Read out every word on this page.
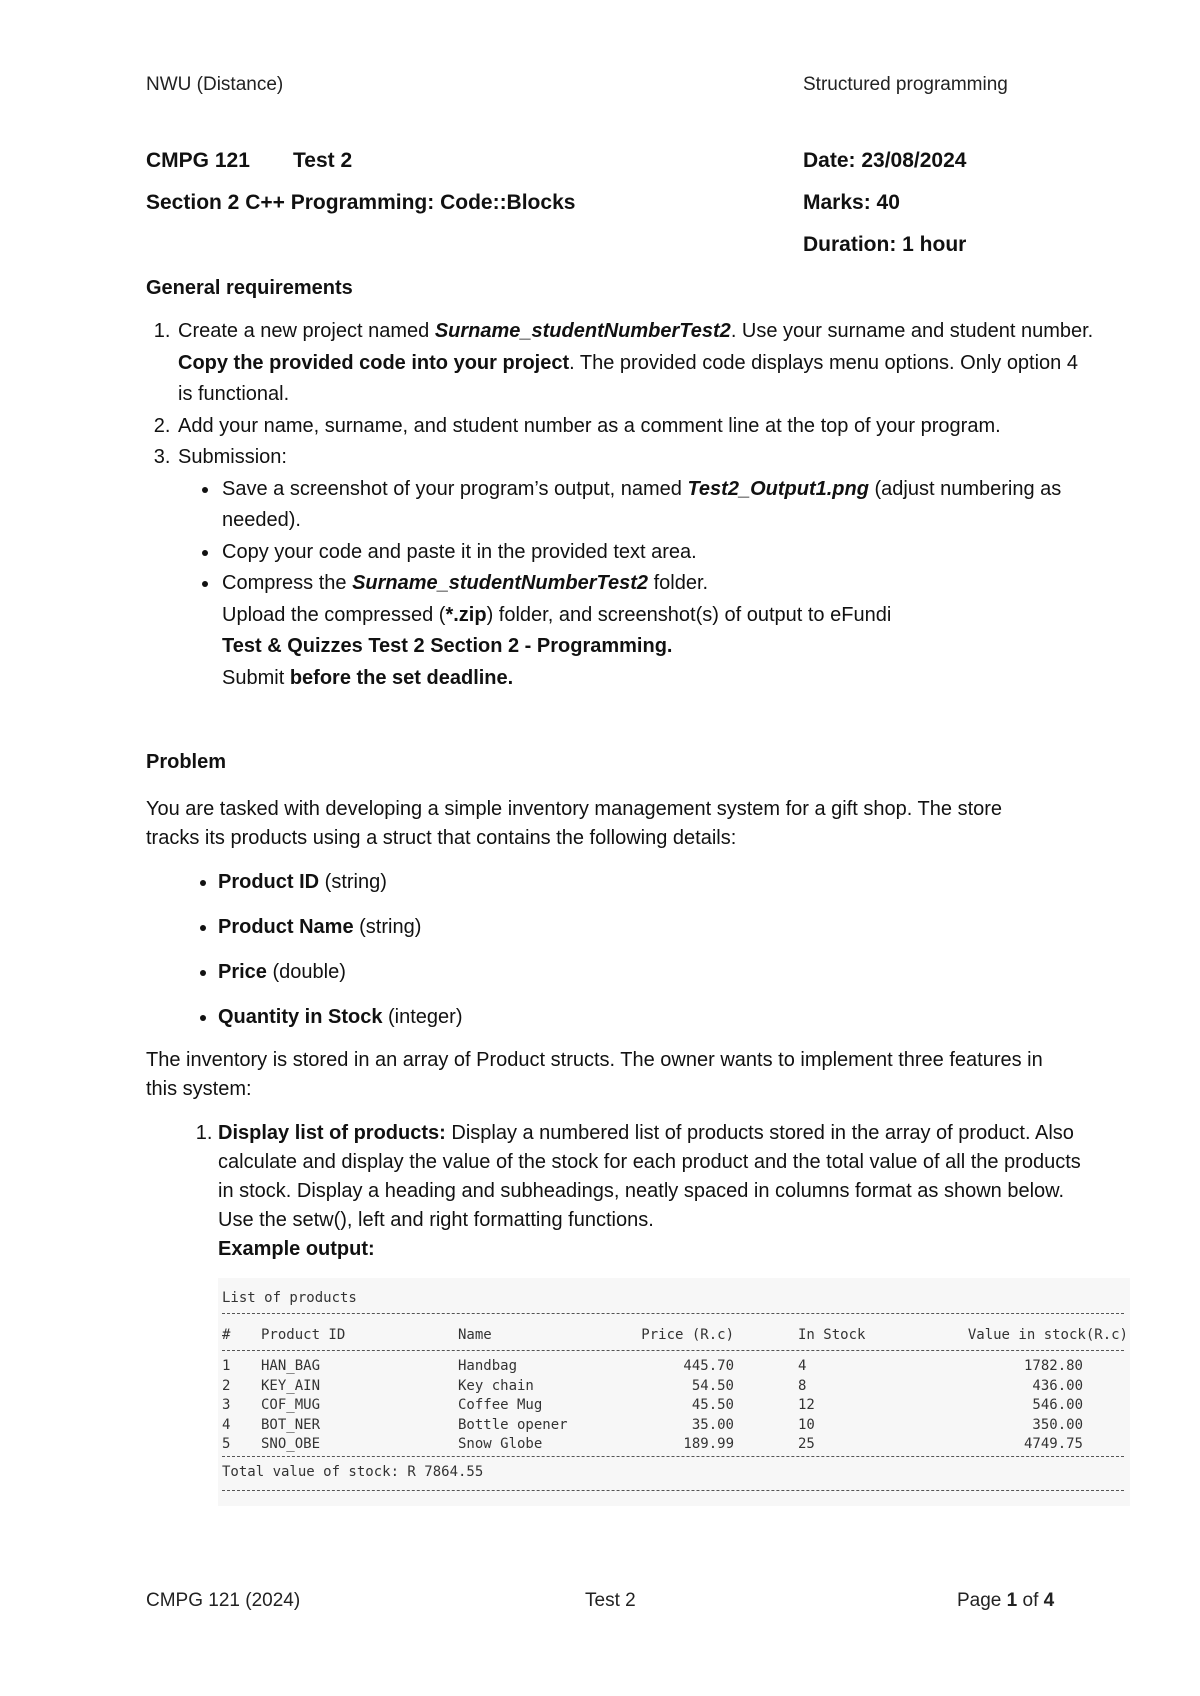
NWU (Distance)	Structured programming
CMPG 121 Test 2	Date: 23/08/2024
Section 2 C++ Programming: Code::Blocks	Marks: 40
Duration: 1 hour
General requirements
1. Create a new project named Surname_studentNumberTest2. Use your surname and student number. Copy the provided code into your project. The provided code displays menu options. Only option 4 is functional.
2. Add your name, surname, and student number as a comment line at the top of your program.
3. Submission:
• Save a screenshot of your program’s output, named Test2_Output1.png (adjust numbering as needed).
• Copy your code and paste it in the provided text area.
• Compress the Surname_studentNumberTest2 folder.
Upload the compressed (*.zip) folder, and screenshot(s) of output to eFundi
Test & Quizzes Test 2 Section 2 - Programming.
Submit before the set deadline.
Problem
You are tasked with developing a simple inventory management system for a gift shop. The store tracks its products using a struct that contains the following details:
• Product ID (string)
• Product Name (string)
• Price (double)
• Quantity in Stock (integer)
The inventory is stored in an array of Product structs. The owner wants to implement three features in this system:
1. Display list of products: Display a numbered list of products stored in the array of product. Also calculate and display the value of the stock for each product and the total value of all the products in stock. Display a heading and subheadings, neatly spaced in columns format as shown below. Use the setw(), left and right formatting functions.
Example output:
List of products
# Product ID	Name	Price (R.c)	In Stock	Value in stock(R.c)
1 HAN_BAG	Handbag	445.70	4	1782.80
2 KEY_AIN	Key chain	54.50	8	436.00
3 COF_MUG	Coffee Mug	45.50	12	546.00
4 BOT_NER	Bottle opener	35.00	10	350.00
5 SNO_OBE	Snow Globe	189.99	25	4749.75
Total value of stock: R 7864.55
CMPG 121 (2024)	Test 2	Page 1 of 4
